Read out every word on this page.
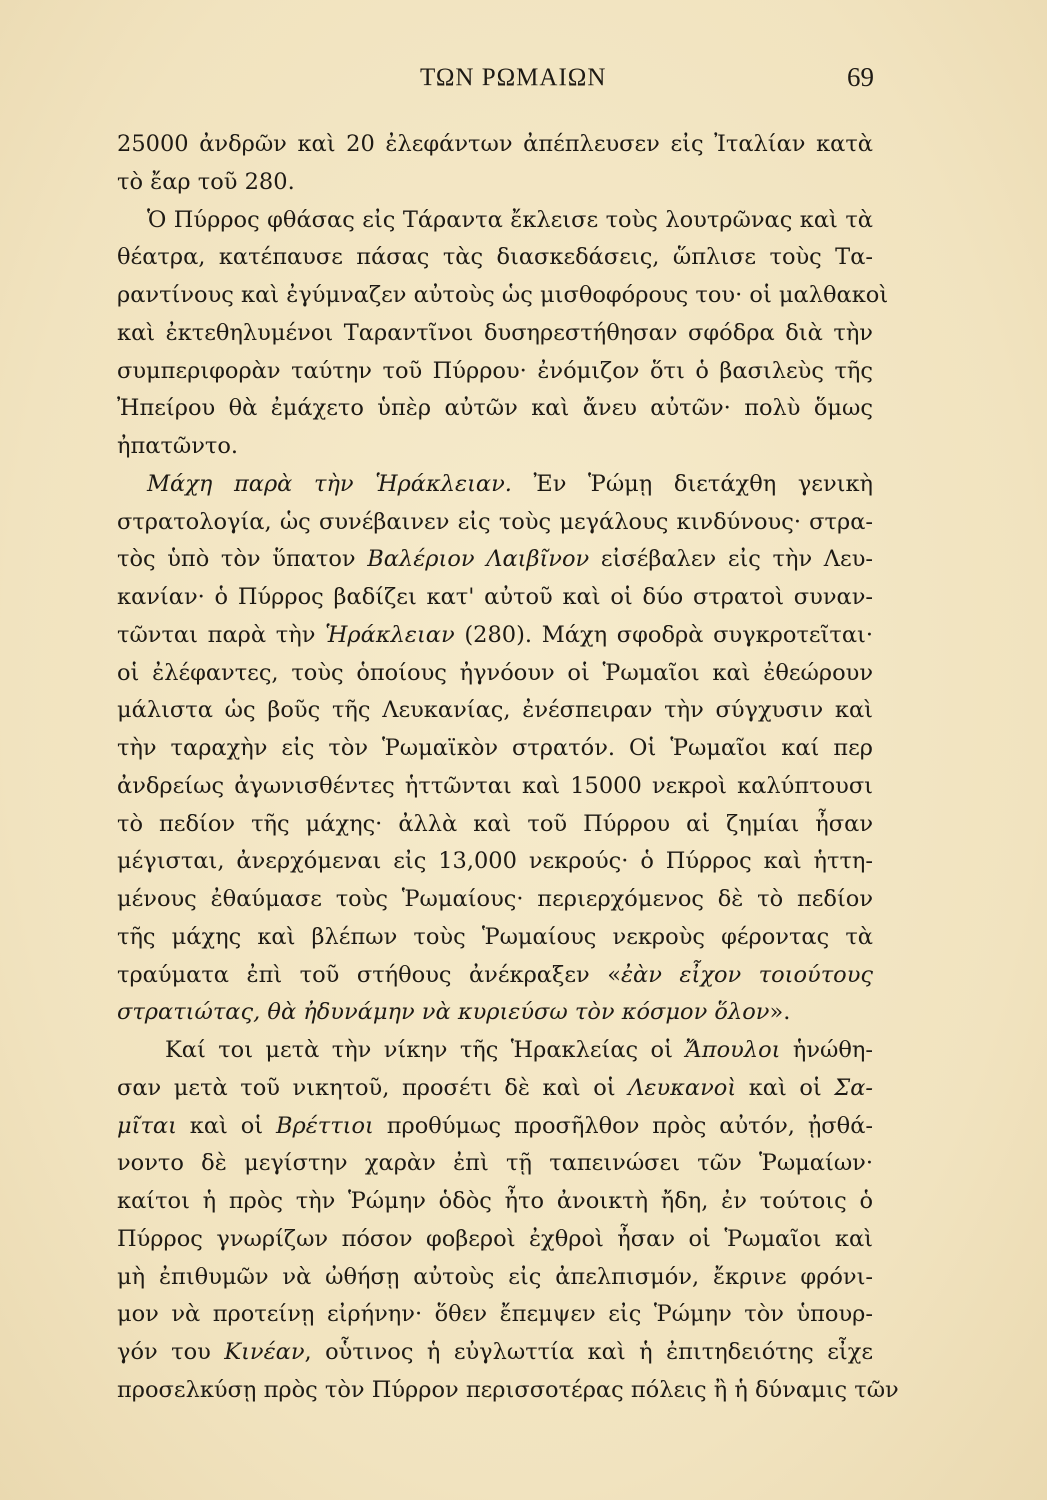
ΤΩΝ ΡΩΜΑΙΩΝ	69
25000 ἀνδρῶν καὶ 20 ἐλεφάντων ἀπέπλευσεν εἰς Ἰταλίαν κατὰ
τὸ ἔαρ τοῦ 280.
Ὁ Πύρρος φθάσας εἰς Τάραντα ἔκλεισε τοὺς λουτρῶνας καὶ τὰ
θέατρα, κατέπαυσε πάσας τὰς διασκεδάσεις, ὥπλισε τοὺς Τα-
ραντίνους καὶ ἐγύμναζεν αὐτοὺς ὡς μισθοφόρους του· οἱ μαλθακοὶ
καὶ ἐκτεθηλυμένοι Ταραντῖνοι δυσηρεστήθησαν σφόδρα διὰ τὴν
συμπεριφορὰν ταύτην τοῦ Πύρρου· ἐνόμιζον ὅτι ὁ βασιλεὺς τῆς
Ἠπείρου θὰ ἐμάχετο ὑπὲρ αὐτῶν καὶ ἄνευ αὐτῶν· πολὺ ὅμως
ἠπατῶντο.
Μάχη παρὰ τὴν Ἡράκλειαν. Ἐν Ῥώμῃ διετάχθη γενικὴ
στρατολογία, ὡς συνέβαινεν εἰς τοὺς μεγάλους κινδύνους· στρα-
τὸς ὑπὸ τὸν ὕπατον Βαλέριον Λαιβῖνον εἰσέβαλεν εἰς τὴν Λευ-
κανίαν· ὁ Πύρρος βαδίζει κατ' αὐτοῦ καὶ οἱ δύο στρατοὶ συναν-
τῶνται παρὰ τὴν Ἡράκλειαν (280). Μάχη σφοδρὰ συγκροτεῖται·
οἱ ἐλέφαντες, τοὺς ὁποίους ἠγνόουν οἱ Ῥωμαῖοι καὶ ἐθεώρουν
μάλιστα ὡς βοῦς τῆς Λευκανίας, ἐνέσπειραν τὴν σύγχυσιν καὶ
τὴν ταραχὴν εἰς τὸν Ῥωμαϊκὸν στρατόν. Οἱ Ῥωμαῖοι καί περ
ἀνδρείως ἀγωνισθέντες ἡττῶνται καὶ 15000 νεκροὶ καλύπτουσι
τὸ πεδίον τῆς μάχης· ἀλλὰ καὶ τοῦ Πύρρου αἱ ζημίαι ἦσαν
μέγισται, ἀνερχόμεναι εἰς 13,000 νεκρούς· ὁ Πύρρος καὶ ἡττη-
μένους ἐθαύμασε τοὺς Ῥωμαίους· περιερχόμενος δὲ τὸ πεδίον
τῆς μάχης καὶ βλέπων τοὺς Ῥωμαίους νεκροὺς φέροντας τὰ
τραύματα ἐπὶ τοῦ στήθους ἀνέκραξεν «ἐὰν εἶχον τοιούτους
στρατιώτας, θὰ ἠδυνάμην νὰ κυριεύσω τὸν κόσμον ὅλον».
Καί τοι μετὰ τὴν νίκην τῆς Ἡρακλείας οἱ Ἄπουλοι ἡνώθη-
σαν μετὰ τοῦ νικητοῦ, προσέτι δὲ καὶ οἱ Λευκανοὶ καὶ οἱ Σα-
μῖται καὶ οἱ Βρέττιοι προθύμως προσῆλθον πρὸς αὐτόν, ᾐσθά-
νοντο δὲ μεγίστην χαρὰν ἐπὶ τῇ ταπεινώσει τῶν Ῥωμαίων·
καίτοι ἡ πρὸς τὴν Ῥώμην ὁδὸς ἦτο ἀνοικτὴ ἤδη, ἐν τούτοις ὁ
Πύρρος γνωρίζων πόσον φοβεροὶ ἐχθροὶ ἦσαν οἱ Ῥωμαῖοι καὶ
μὴ ἐπιθυμῶν νὰ ὠθήσῃ αὐτοὺς εἰς ἀπελπισμόν, ἔκρινε φρόνι-
μον νὰ προτείνῃ εἰρήνην· ὅθεν ἔπεμψεν εἰς Ῥώμην τὸν ὑπουρ-
γόν του Κινέαν, οὗτινος ἡ εὐγλωττία καὶ ἡ ἐπιτηδειότης εἶχε
προσελκύσῃ πρὸς τὸν Πύρρον περισσοτέρας πόλεις ἢ ἡ δύναμις τῶν
